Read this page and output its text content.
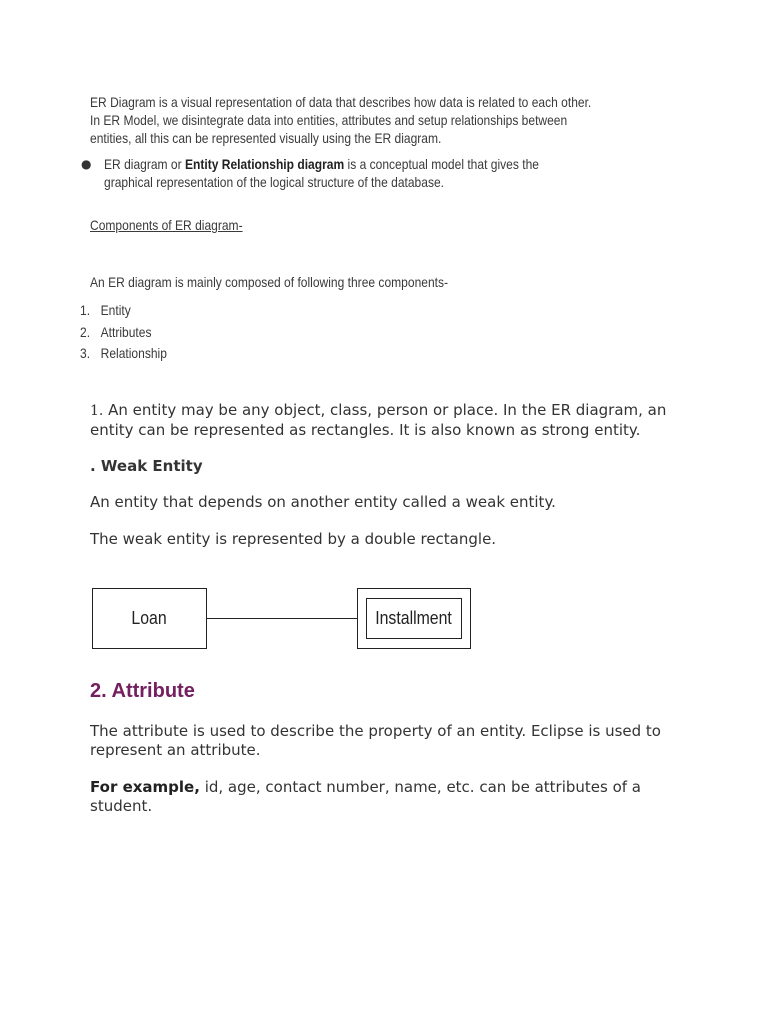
ER Diagram is a visual representation of data that describes how data is related to each other.
In ER Model, we disintegrate data into entities, attributes and setup relationships between
entities, all this can be represented visually using the ER diagram.
● ER diagram or Entity Relationship diagram is a conceptual model that gives the
graphical representation of the logical structure of the database.
Components of ER diagram-
An ER diagram is mainly composed of following three components-
1. Entity
2. Attributes
3. Relationship
1. An entity may be any object, class, person or place. In the ER diagram, an
entity can be represented as rectangles. It is also known as strong entity.
. Weak Entity
An entity that depends on another entity called a weak entity.
The weak entity is represented by a double rectangle.
Loan	Installment
2. Attribute
The attribute is used to describe the property of an entity. Eclipse is used to
represent an attribute.
For example, id, age, contact number, name, etc. can be attributes of a
student.
